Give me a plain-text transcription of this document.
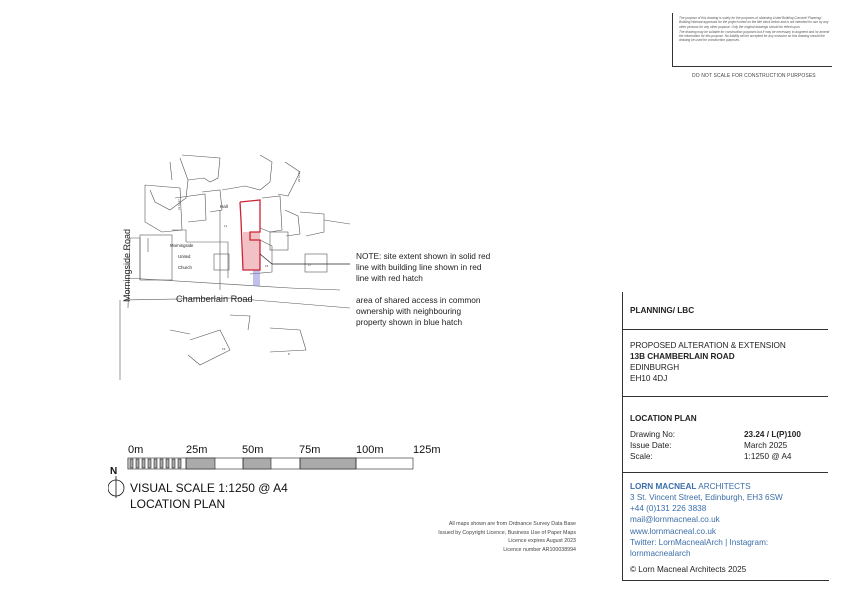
The purpose of this drawing is solely for the purposes of obtaining Listed Building Consent/ Planning/ Building Warrant approvals for the project noted on the title block below and is not intended for use by any other persons for any other purpose. Only the original drawings should be relied upon.

The drawing may be suitable for construction purposes but if may be necessary to augment and /or amend the information for this purpose. No liability will be accepted for any omission on this drawing should the drawing be used for construction purposes.

DO NOT SCALE FOR CONSTRUCTION PURPOSES
Morningside Road	Chamberlain Road
Hall
Morningside
United
Church
11
15	17
19
8
21 to 27
29 to 31
NOTE: site extent shown in solid red
line with building line shown in red
line with red hatch
area of shared access in common
ownership with neighbouring
property shown in blue hatch
0m	25m	50m	75m	100m	125m
N
VISUAL SCALE 1:1250 @ A4
LOCATION PLAN
All maps shown are from Ordnance Survey Data Base
Issued by Copyright Licence, Business Use of Paper Maps
Licence expires August 2023
Licence number AR100038994
PLANNING/ LBC
PROPOSED ALTERATION & EXTENSION
13B CHAMBERLAIN ROAD
EDINBURGH
EH10 4DJ
LOCATION PLAN
Drawing No:	23.24 / L(P)100
Issue Date:	March 2025
Scale:	1:1250 @ A4
LORN MACNEAL ARCHITECTS
3 St. Vincent Street, Edinburgh, EH3 6SW
+44 (0)131 226 3838
mail@lornmacneal.co.uk
www.lornmacneal.co.uk
Twitter: LornMacnealArch | Instagram:
lornmacnealarch
© Lorn Macneal Architects 2025
